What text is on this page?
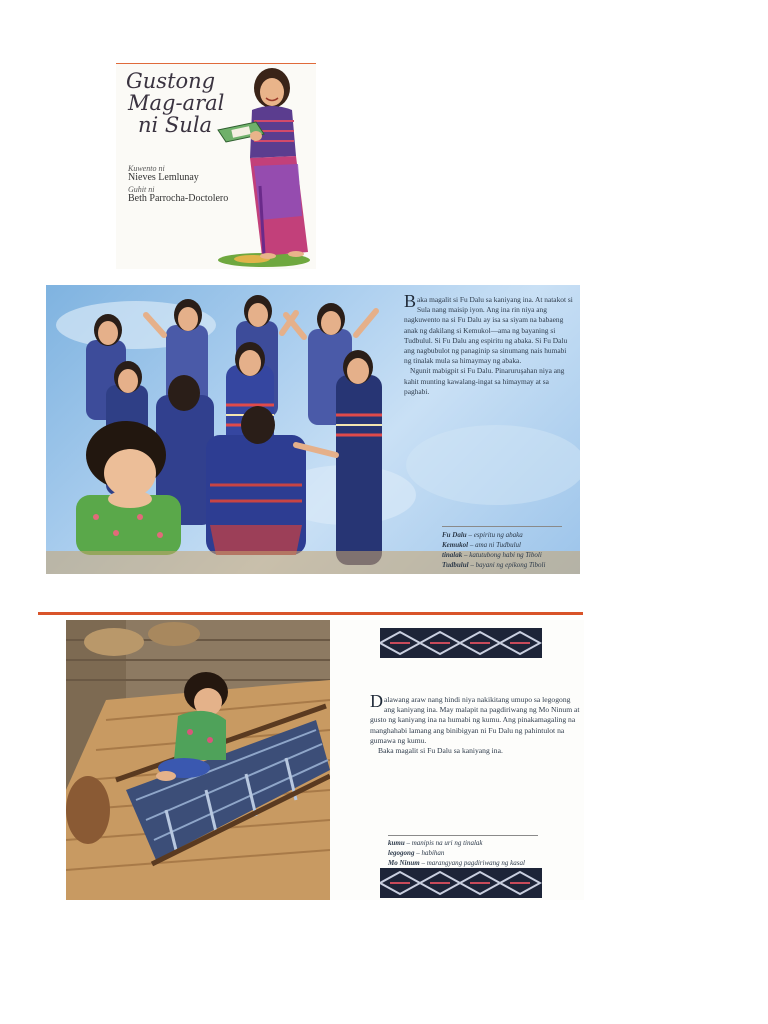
Gustong
Mag-aral
ni Sula
Kuwento ni
Nieves Lemlunay
Guhit ni
Beth Parrocha-Doctolero
Baka magalit si Fu Dalu sa kaniyang ina. At natakot si Sula nang maisip iyon. Ang ina rin niya ang nagkuwento na si Fu Dalu ay isa sa siyam na babaeng anak ng dakilang si Kemukol—ama ng bayaning si Tudbulul. Si Fu Dalu ang espiritu ng abaka. Si Fu Dalu ang nagbubulot ng panaginip sa sinumang nais humabi ng tinalak mula sa himaymay ng abaka.
Ngunit mabigpit si Fu Dalu. Pinaruruşahan niya ang kahit munting kawalang-ingat sa himaymay at sa paghabi.
Fu Dalu – espiritu ng abaka
Kemukol – ama ni Tudbulul
tinalak – katutubong habi ng Tiboli
Tudbulul – bayani ng epikong Tiboli
Dalawang araw nang hindi niya nakikitang umupo sa legogong ang kaniyang ina. May malapit na pagdiriwang ng Mo Ninum at gusto ng kaniyang ina na humabi ng kumu. Ang pinakamagaling na manghahabi lamang ang binibigyan ni Fu Dalu ng pahintulot na gumawa ng kumu.
Baka magalit si Fu Dalu sa kaniyang ina.
kumu – manipis na uri ng tinalak
legogong – habihan
Mo Ninum – marangyang pagdiriwang ng kasal
